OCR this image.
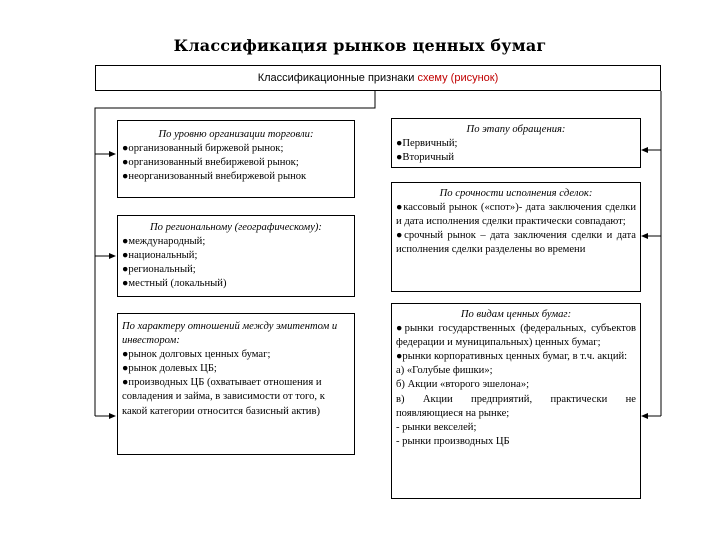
Классификация рынков ценных бумаг
Классификационные признаки схему (рисунок)
По уровню организации торговли:
●организованный биржевой рынок;
●организованный внебиржевой рынок;
●неорганизованный внебиржевой рынок
По региональному (географическому):
●международный;
●национальный;
●региональный;
●местный (локальный)
По характеру отношений между эмитентом и инвестором:
●рынок долговых ценных бумаг;
●рынок долевых ЦБ;
●производных ЦБ (охватывает отношения и совладения и займа, в зависимости от того, к какой категории относится базисный актив)
По этапу обращения:
●Первичный;
●Вторичный
По срочности исполнения сделок:
●кассовый рынок («спот»)- дата заключения сделки и дата исполнения сделки практически совпадают;
●срочный рынок – дата заключения сделки и дата исполнения сделки разделены во времени
По видам ценных бумаг:
●рынки государственных (федеральных, субъектов федерации и муниципальных) ценных бумаг;
●рынки корпоративных ценных бумаг, в т.ч. акций:
а) «Голубые фишки»;
б) Акции «второго эшелона»;
в) Акции предприятий, практически не появляющиеся на рынке;
- рынки векселей;
- рынки производных ЦБ
